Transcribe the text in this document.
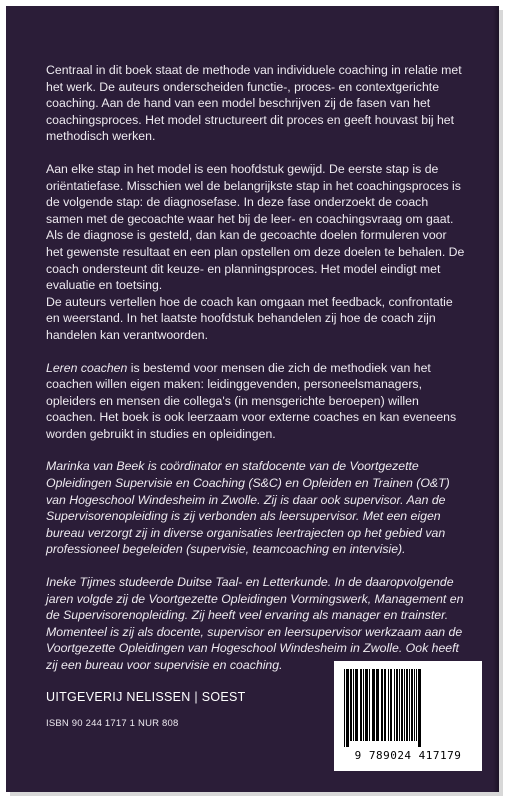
Centraal in dit boek staat de methode van individuele coaching in relatie met het werk. De auteurs onderscheiden functie-, proces- en contextgerichte coaching. Aan de hand van een model beschrijven zij de fasen van het coachingsproces. Het model structureert dit proces en geeft houvast bij het methodisch werken.

Aan elke stap in het model is een hoofdstuk gewijd. De eerste stap is de oriëntatiefase. Misschien wel de belangrijkste stap in het coachingsproces is de volgende stap: de diagnosefase. In deze fase onderzoekt de coach samen met de gecoachte waar het bij de leer- en coachingsvraag om gaat. Als de diagnose is gesteld, dan kan de gecoachte doelen formuleren voor het gewenste resultaat en een plan opstellen om deze doelen te behalen. De coach ondersteunt dit keuze- en planningsproces. Het model eindigt met evaluatie en toetsing.

De auteurs vertellen hoe de coach kan omgaan met feedback, confrontatie en weerstand. In het laatste hoofdstuk behandelen zij hoe de coach zijn handelen kan verantwoorden.

Leren coachen is bestemd voor mensen die zich de methodiek van het coachen willen eigen maken: leidinggevenden, personeelsmanagers, opleiders en mensen die collega's (in mensgerichte beroepen) willen coachen. Het boek is ook leerzaam voor externe coaches en kan eveneens worden gebruikt in studies en opleidingen.

Marinka van Beek is coördinator en stafdocente van de Voortgezette Opleidingen Supervisie en Coaching (S&C) en Opleiden en Trainen (O&T) van Hogeschool Windesheim in Zwolle. Zij is daar ook supervisor. Aan de Supervisorenopleiding is zij verbonden als leersupervisor. Met een eigen bureau verzorgt zij in diverse organisaties leertrajecten op het gebied van professioneel begeleiden (supervisie, teamcoaching en intervisie).

Ineke Tijmes studeerde Duitse Taal- en Letterkunde. In de daaropvolgende jaren volgde zij de Voortgezette Opleidingen Vormingswerk, Management en de Supervisorenopleiding. Zij heeft veel ervaring als manager en trainster. Momenteel is zij als docente, supervisor en leersupervisor werkzaam aan de Voortgezette Opleidingen van Hogeschool Windesheim in Zwolle. Ook heeft zij een bureau voor supervisie en coaching.

UITGEVERIJ NELISSEN | SOEST
ISBN 90 244 1717 1 NUR 808
9 789024 417179
